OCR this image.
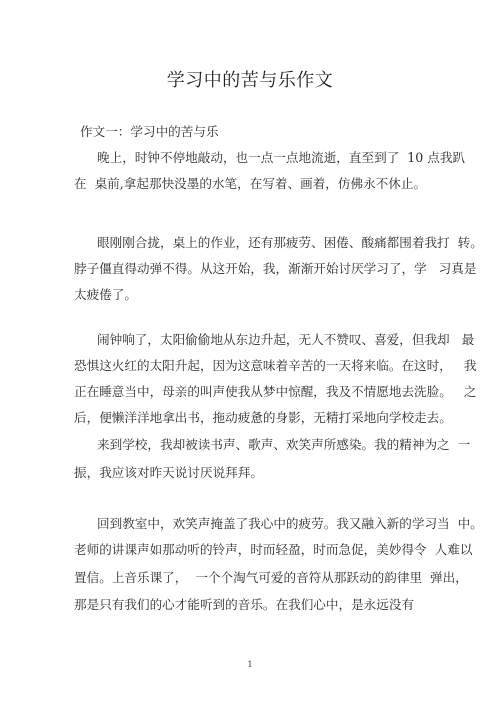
学习中的苦与乐作文
作文一：学习中的苦与乐
晚上，时钟不停地敲动，也一点一点地流逝，直至到了  10 点我趴
在  桌前,拿起那快没墨的水笔，在写着、画着，仿佛永不休止。
眼刚刚合拢，桌上的作业，还有那疲劳、困倦、酸痛都围着我打  转。
脖子僵直得动弹不得。从这开始，我，渐渐开始讨厌学习了，学   习真是
太疲倦了。
闹钟响了，太阳偷偷地从东边升起，无人不赞叹、喜爱，但我却   最
恐惧这火红的太阳升起，因为这意味着辛苦的一天将来临。在这时，   我
正在睡意当中，母亲的叫声使我从梦中惊醒，我及不情愿地去洗脸。   之
后，便懒洋洋地拿出书，拖动疲惫的身影，无精打采地向学校走去。
来到学校，我却被读书声、歌声、欢笑声所感染。我的精神为之  一
振，我应该对昨天说讨厌说拜拜。
回到教室中，欢笑声掩盖了我心中的疲劳。我又融入新的学习当  中。
老师的讲课声如那动听的铃声，时而轻盈，时而急促，美妙得令  人难以
置信。上音乐课了，  一个个淘气可爱的音符从那跃动的韵律里  弹出，
那是只有我们的心才能听到的音乐。在我们心中，是永远没有
1
